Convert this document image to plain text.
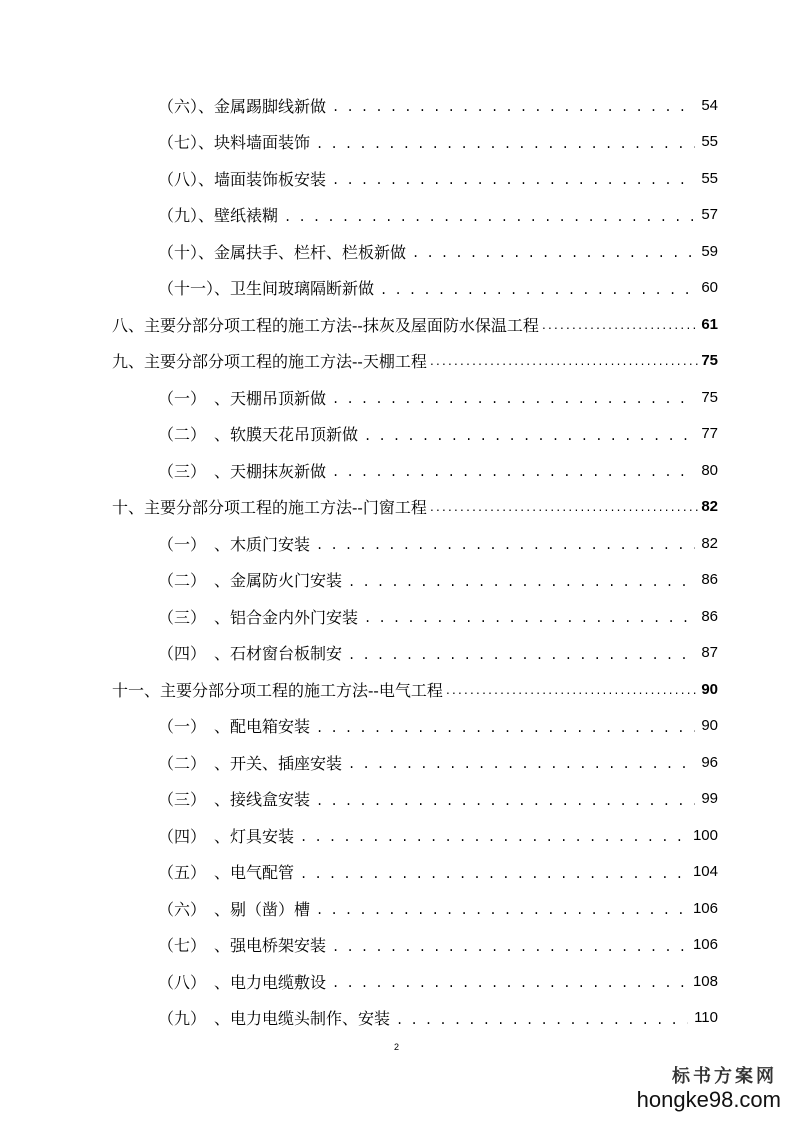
（六）、金属踢脚线新做 . . .	54
（七）、块料墙面装饰 . . .	55
（八）、墙面装饰板安装 . . .	55
（九）、壁纸裱糊 . . .	57
（十）、金属扶手、栏杆、栏板新做 . . .	59
（十一）、卫生间玻璃隔断新做 . . .	60
八、主要分部分项工程的施工方法--抹灰及屋面防水保温工程 .....	61
九、主要分部分项工程的施工方法--天棚工程 .....	75
（一）　、天棚吊顶新做 . . .	75
（二）　、软膜天花吊顶新做 . . .	77
（三）　、天棚抹灰新做 . . .	80
十、主要分部分项工程的施工方法--门窗工程 .....	82
（一）　、木质门安装 . . .	82
（二）　、金属防火门安装 . . .	86
（三）　、铝合金内外门安装 . . .	86
（四）　、石材窗台板制安 . . .	87
十一、主要分部分项工程的施工方法--电气工程 .....	90
（一）　、配电箱安装 . . .	90
（二）　、开关、插座安装 . . .	96
（三）　、接线盒安装 . . .	99
（四）　、灯具安装 . . .	100
（五）　、电气配管 . . .	104
（六）　、剔（凿）槽 . . .	106
（七）　、强电桥架安装 . . .	106
（八）　、电力电缆敷设 . . .	108
（九）　、电力电缆头制作、安装 . . .	110
2
标书方案网
hongke98.com
